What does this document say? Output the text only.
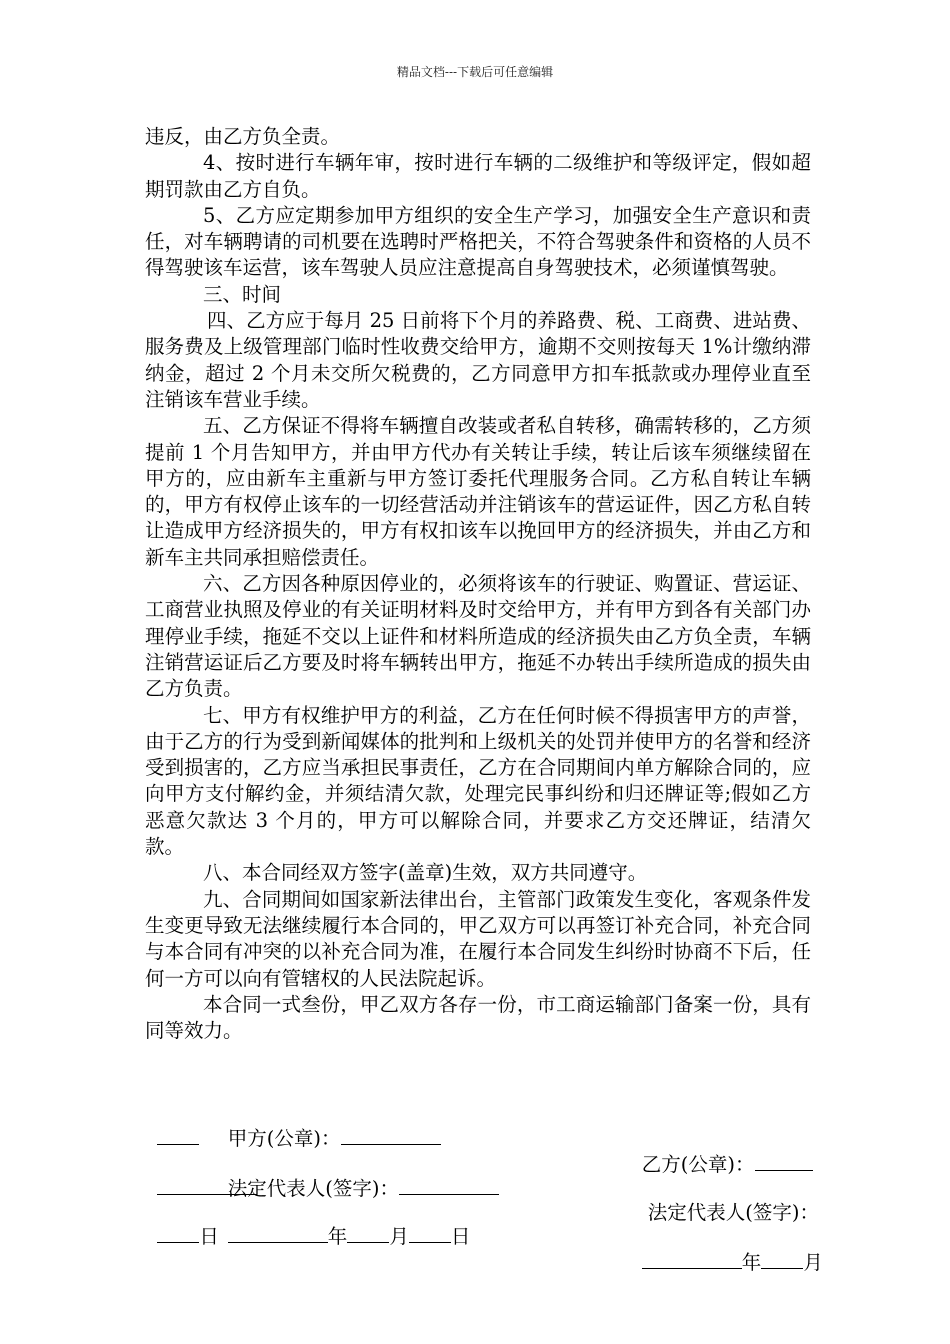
精品文档---下载后可任意编辑

违反，由乙方负全责。

4、按时进行车辆年审，按时进行车辆的二级维护和等级评定，假如超期罚款由乙方自负。

5、乙方应定期参加甲方组织的安全生产学习，加强安全生产意识和责任，对车辆聘请的司机要在选聘时严格把关，不符合驾驶条件和资格的人员不得驾驶该车运营，该车驾驶人员应注意提高自身驾驶技术，必须谨慎驾驶。

三、时间

四、乙方应于每月 25 日前将下个月的养路费、税、工商费、进站费、服务费及上级管理部门临时性收费交给甲方，逾期不交则按每天 1%计缴纳滞纳金，超过 2 个月未交所欠税费的，乙方同意甲方扣车抵款或办理停业直至注销该车营业手续。

五、乙方保证不得将车辆擅自改装或者私自转移，确需转移的，乙方须提前 1 个月告知甲方，并由甲方代办有关转让手续，转让后该车须继续留在甲方的，应由新车主重新与甲方签订委托代理服务合同。乙方私自转让车辆的，甲方有权停止该车的一切经营活动并注销该车的营运证件，因乙方私自转让造成甲方经济损失的，甲方有权扣该车以挽回甲方的经济损失，并由乙方和新车主共同承担赔偿责任。

六、乙方因各种原因停业的，必须将该车的行驶证、购置证、营运证、工商营业执照及停业的有关证明材料及时交给甲方，并有甲方到各有关部门办理停业手续，拖延不交以上证件和材料所造成的经济损失由乙方负全责，车辆注销营运证后乙方要及时将车辆转出甲方，拖延不办转出手续所造成的损失由乙方负责。

七、甲方有权维护甲方的利益，乙方在任何时候不得损害甲方的声誉，由于乙方的行为受到新闻媒体的批判和上级机关的处罚并使甲方的名誉和经济受到损害的，乙方应当承担民事责任，乙方在合同期间内单方解除合同的，应向甲方支付解约金，并须结清欠款，处理完民事纠纷和归还牌证等;假如乙方恶意欠款达 3 个月的，甲方可以解除合同，并要求乙方交还牌证，结清欠款。

八、本合同经双方签字(盖章)生效，双方共同遵守。

九、合同期间如国家新法律出台，主管部门政策发生变化，客观条件发生变更导致无法继续履行本合同的，甲乙双方可以再签订补充合同，补充合同与本合同有冲突的以补充合同为准，在履行本合同发生纠纷时协商不下后，任何一方可以向有管辖权的人民法院起诉。

本合同一式叁份，甲乙双方各存一份，市工商运输部门备案一份，具有同等效力。

甲方(公章)：

乙方(公章)：

法定代表人(签字)：

法定代表人(签字)：

年 月 日

年 月

日
